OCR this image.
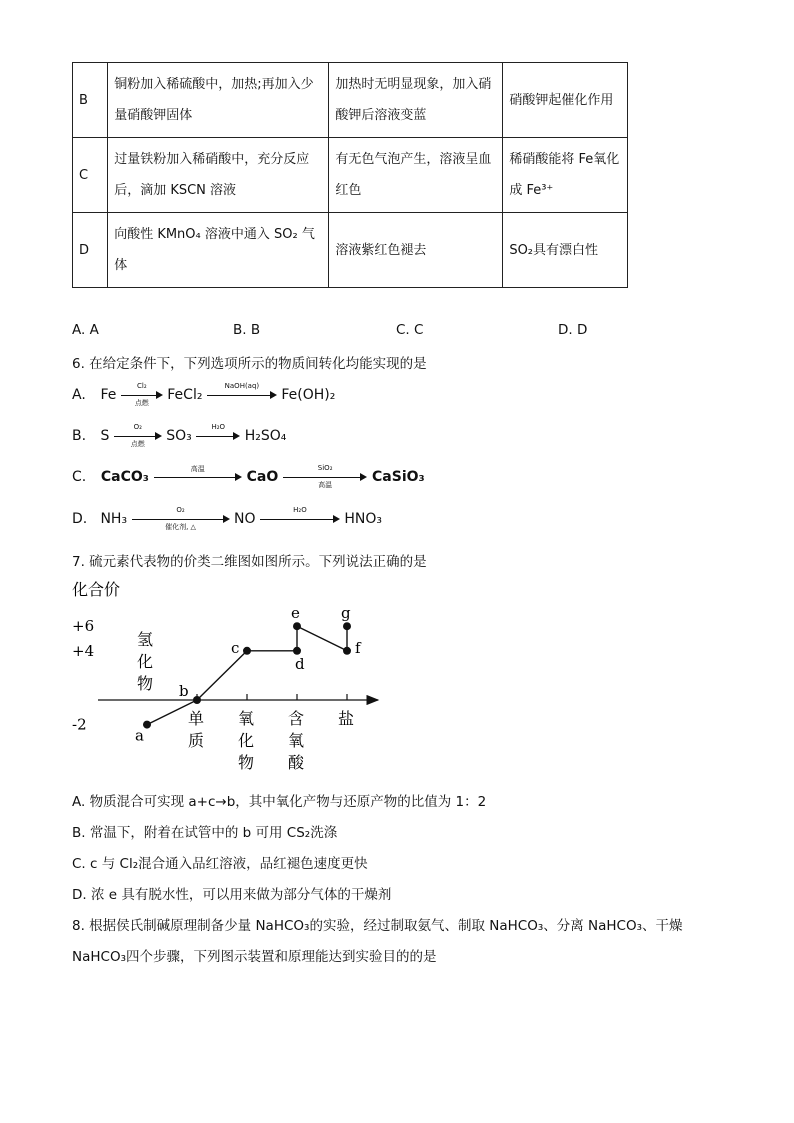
B	铜粉加入稀硫酸中，加热;再加入少量硝酸钾固体	加热时无明显现象，加入硝酸钾后溶液变蓝	硝酸钾起催化作用
C	过量铁粉加入稀硝酸中，充分反应后，滴加 KSCN 溶液	有无色气泡产生，溶液呈血红色	稀硝酸能将 Fe氧化成 Fe³⁺
D	向酸性 KMnO₄ 溶液中通入 SO₂ 气体	溶液紫红色褪去	SO₂具有漂白性
A. A	B. B	C. C	D. D
6. 在给定条件下，下列选项所示的物质间转化均能实现的是
A. Fe
Cl₂
点燃	FeCl₂
NaOH(aq)
Fe(OH)₂
B. S
O₂
点燃	SO₃
H₂O
H₂SO₄
C. CaCO₃	高温	CaO
SiO₂
高温	CaSiO₃
D. NH₃
O₂
催化剂, △	NO
H₂O
HNO₃
7. 硫元素代表物的价类二维图如图所示。下列说法正确的是
化合价
+6
+4
-2
氢
化
物
单
质
氧
化
物
含
氧
酸
盐
a
b
c
d
e
f
g
A. 物质混合可实现 a+c→b，其中氧化产物与还原产物的比值为 1：2
B. 常温下，附着在试管中的 b 可用 CS₂洗涤
C. c 与 Cl₂混合通入品红溶液，品红褪色速度更快
D. 浓 e 具有脱水性，可以用来做为部分气体的干燥剂
8. 根据侯氏制碱原理制备少量 NaHCO₃的实验，经过制取氨气、制取 NaHCO₃、分离 NaHCO₃、干燥
NaHCO₃四个步骤，下列图示装置和原理能达到实验目的的是
